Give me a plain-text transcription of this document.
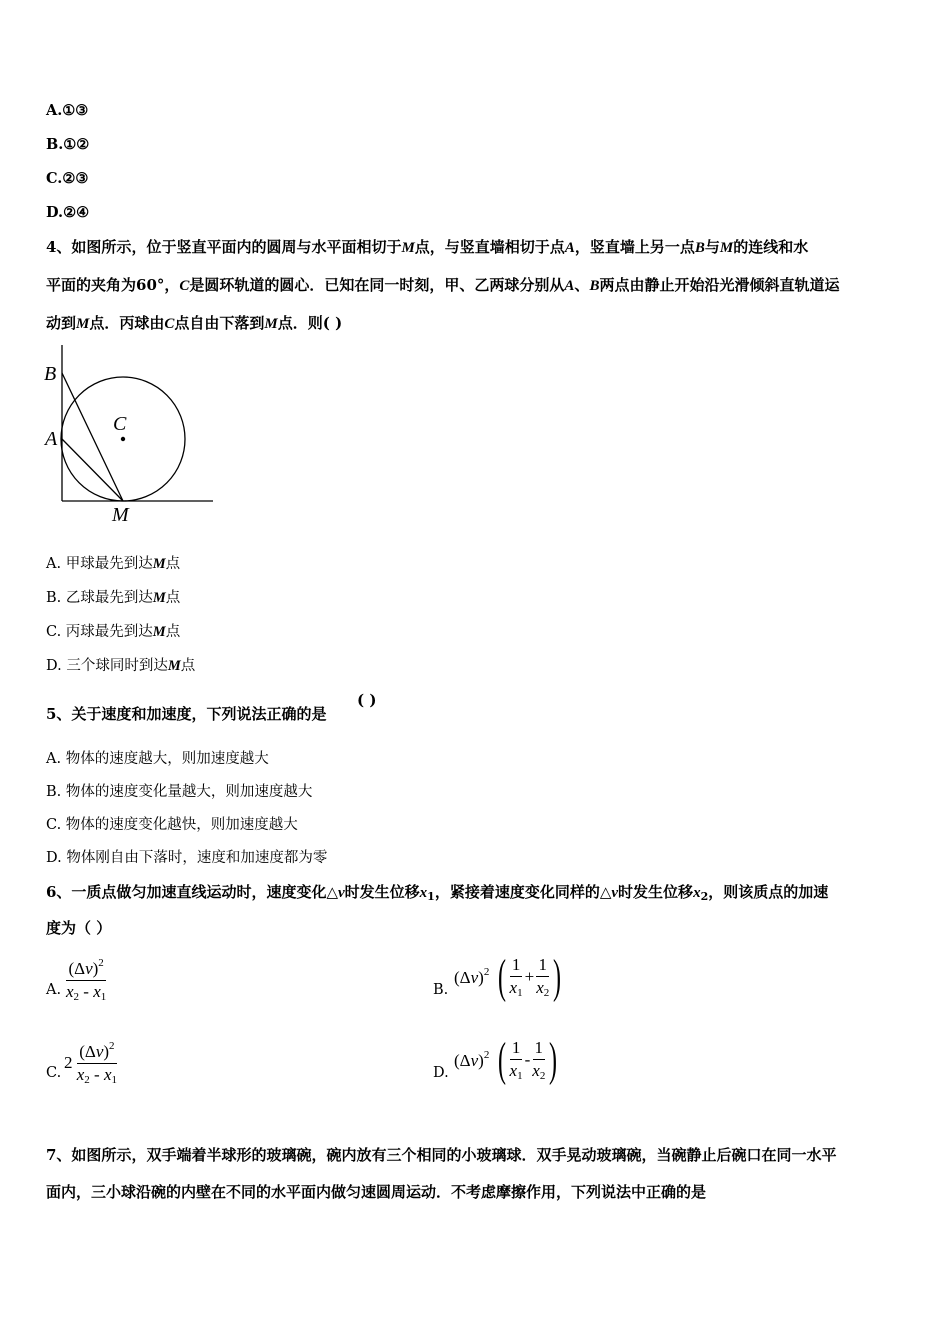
A.①③
B.①②
C.②③
D.②④
4、如图所示，位于竖直平面内的圆周与水平面相切于M点，与竖直墙相切于点A，竖直墙上另一点B与M的连线和水
平面的夹角为60°，C是圆环轨道的圆心．已知在同一时刻，甲、乙两球分别从A、B两点由静止开始沿光滑倾斜直轨道运
动到M点．丙球由C点自由下落到M点．则( )
B
A
C
M
A. 甲球最先到达M点
B. 乙球最先到达M点
C. 丙球最先到达M点
D. 三个球同时到达M点
5、关于速度和加速度，下列说法正确的是
( )
A. 物体的速度越大，则加速度越大
B. 物体的速度变化量越大，则加速度越大
C. 物体的速度变化越快，则加速度越大
D. 物体刚自由下落时，速度和加速度都为零
6、一质点做匀加速直线运动时，速度变化△v时发生位移$x_1$，紧接着速度变化同样的△v时发生位移$x_2$，则该质点的加速
度为（ ）
A. $\frac{(\Delta v)^2}{x_2 - x_1}$	B.
$(\Delta v)^2$ ( $\frac{1}{x_1} + \frac{1}{x_2}$ )
C.
$2 \frac{(\Delta v)^2}{x_2 - x_1}$	D.
$(\Delta v)^2$ ( $\frac{1}{x_1} - \frac{1}{x_2}$ )
7、如图所示，双手端着半球形的玻璃碗，碗内放有三个相同的小玻璃球．双手晃动玻璃碗，当碗静止后碗口在同一水平
面内，三小球沿碗的内壁在不同的水平面内做匀速圆周运动．不考虑摩擦作用，下列说法中正确的是
